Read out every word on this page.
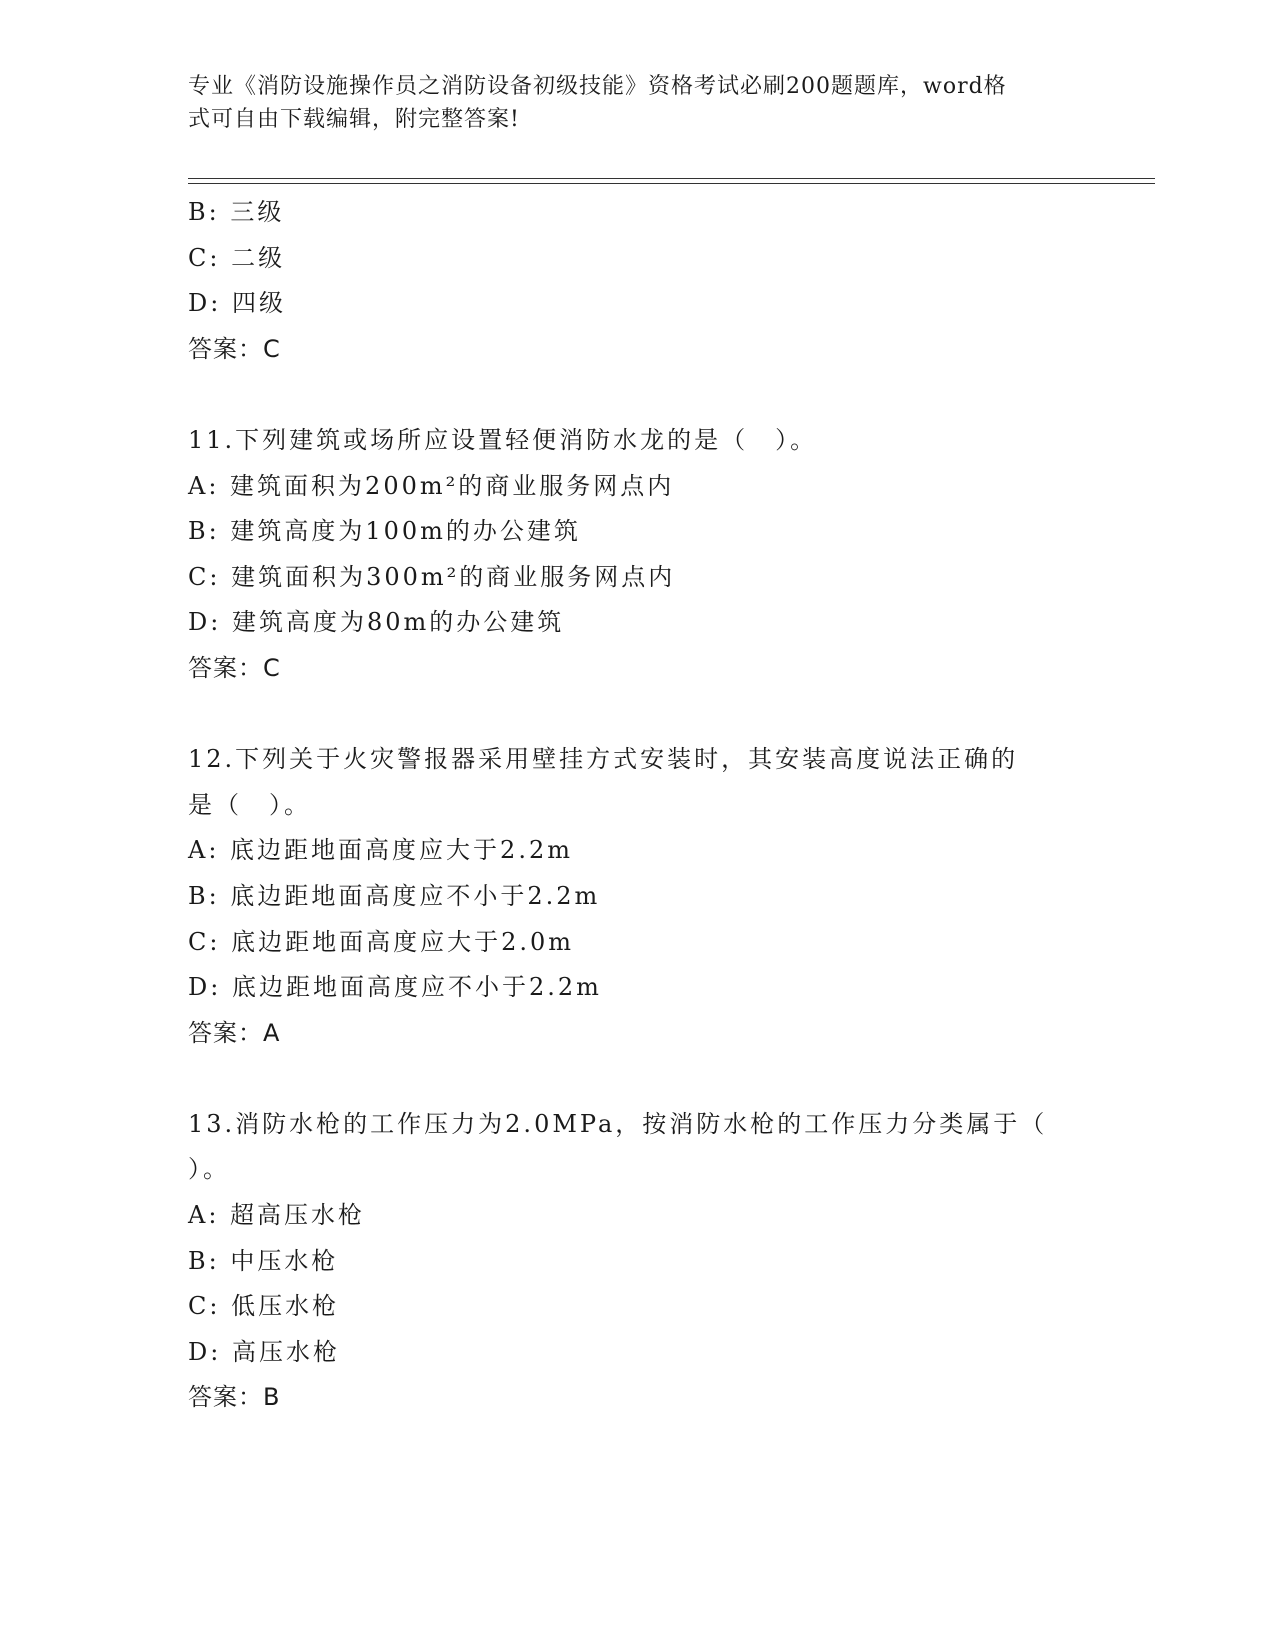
专业《消防设施操作员之消防设备初级技能》资格考试必刷200题题库，word格
式可自由下载编辑，附完整答案!
B: 三级
C: 二级
D: 四级
答案：C
11.下列建筑或场所应设置轻便消防水龙的是（　）。
A: 建筑面积为200m²的商业服务网点内
B: 建筑高度为100m的办公建筑
C: 建筑面积为300m²的商业服务网点内
D: 建筑高度为80m的办公建筑
答案：C
12.下列关于火灾警报器采用壁挂方式安装时，其安装高度说法正确的
是（　）。
A: 底边距地面高度应大于2.2m
B: 底边距地面高度应不小于2.2m
C: 底边距地面高度应大于2.0m
D: 底边距地面高度应不小于2.2m
答案：A
13.消防水枪的工作压力为2.0MPa，按消防水枪的工作压力分类属于（
）。
A: 超高压水枪
B: 中压水枪
C: 低压水枪
D: 高压水枪
答案：B
